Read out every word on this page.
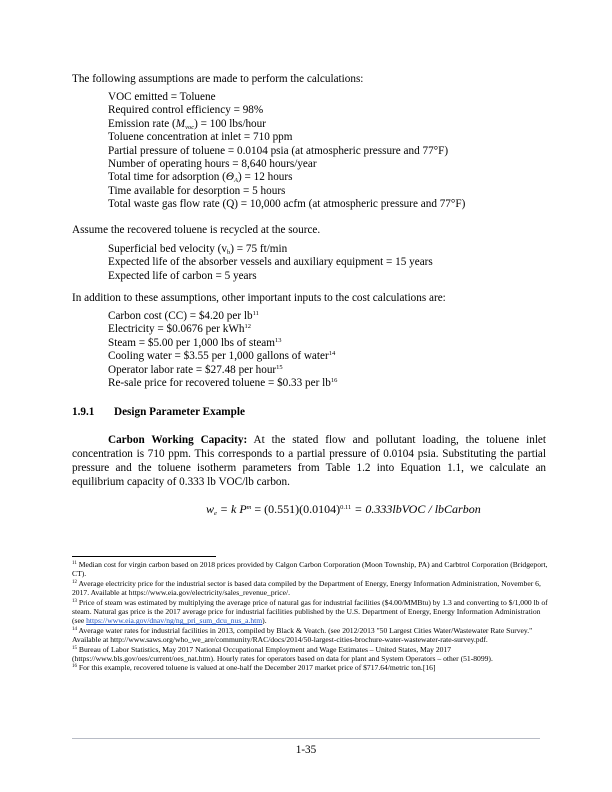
The following assumptions are made to perform the calculations:

VOC emitted = Toluene
Required control efficiency = 98%
Emission rate $(M_{voc}) = 100$ lbs/hour
Toluene concentration at inlet = 710 ppm
Partial pressure of toluene = 0.0104 psia (at atmospheric pressure and 77°F)
Number of operating hours = 8,640 hours/year
Total time for adsorption $(\Theta_A) = 12$ hours
Time available for desorption = 5 hours
Total waste gas flow rate (Q) = 10,000 acfm (at atmospheric pressure and 77°F)

Assume the recovered toluene is recycled at the source.

Superficial bed velocity $(v_b) = 75$ ft/min
Expected life of the absorber vessels and auxiliary equipment = 15 years
Expected life of carbon = 5 years

In addition to these assumptions, other important inputs to the cost calculations are:

Carbon cost (CC) = $4.20 per $lb^{11}$
Electricity = $0.0676 per kWh$^{12}$
Steam = $5.00 per 1,000 lbs of steam$^{13}$
Cooling water = $3.55 per 1,000 gallons of water$^{14}$
Operator labor rate = $27.48 per hour$^{15}$
Re-sale price for recovered toluene = $0.33 per $lb^{16}$
1.9.1 Design Parameter Example

Carbon Working Capacity: At the stated flow and pollutant loading, the toluene inlet concentration is 710 ppm. This corresponds to a partial pressure of 0.0104 psia. Substituting the partial pressure and the toluene isotherm parameters from Table 1.2 into Equation 1.1, we calculate an equilibrium capacity of 0.333 lb VOC/lb carbon.

$w_e = k$ $P^m = (0.551)(0.0104)^{0.11}$ = 0.333lbVOC / lbCarbon
$^{11}$ Median cost for virgin carbon based on 2018 prices provided by Calgon Carbon Corporation (Moon Township, PA) and Carbtrol Corporation (Bridgeport, CT).
$^{12}$ Average electricity price for the industrial sector is based data compiled by the Department of Energy, Energy Information Administration, November 6, 2017. Available at https://www.eia.gov/electricity/sales_revenue_price/.
$^{13}$ Price of steam was estimated by multiplying the average price of natural gas for industrial facilities ($4.00/MMBtu) by 1.3 and converting to $/1,000 lb of steam. Natural gas price is the 2017 average price for industrial facilities published by the U.S. Department of Energy, Energy Information Administration (see https://www.eia.gov/dnav/ng/ng_pri_sum_dcu_nus_a.htm).
$^{14}$ Average water rates for industrial facilities in 2013, compiled by Black & Veatch. (see 2012/2013 "50 Largest Cities Water/Wastewater Rate Survey." Available at http://www.saws.org/who_we_are/community/RAC/docs/2014/50-largest-cities-brochure-water-wastewater-rate-survey.pdf.
$^{15}$ Bureau of Labor Statistics, May 2017 National Occupational Employment and Wage Estimates – United States, May 2017 (https://www.bls.gov/oes/current/oes_nat.htm). Hourly rates for operators based on data for plant and System Operators – other (51-8099).
$^{16}$ For this example, recovered toluene is valued at one-half the December 2017 market price of $717.64/metric ton.[16]

1-35
